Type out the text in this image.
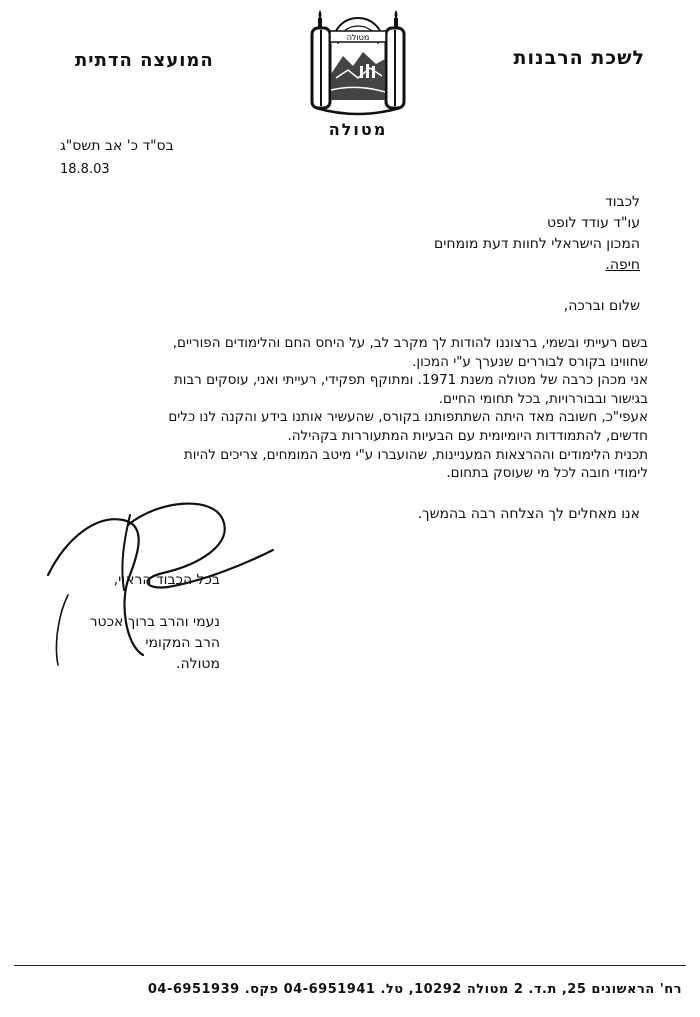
לשכת הרבנות
המועצה הדתית
מטולה
מטולה
בס"ד כ' אב תשס"ג
18.8.03
לכבוד
עו"ד עודד לופט
המכון הישראלי לחוות דעת מומחים
חיפה.
שלום וברכה,
בשם רעייתי ובשמי, ברצוננו להודות לך מקרב לב, על היחס החם והלימודים הפוריים,
שחווינו בקורס לבוררים שנערך ע"י המכון.
אני מכהן כרבה של מטולה משנת 1971. ומתוקף תפקידי, רעייתי ואני, עוסקים רבות
בגישור ובבוררויות, בכל תחומי החיים.
אעפי"כ, חשובה מאד היתה השתתפותנו בקורס, שהעשיר אותנו בידע והקנה לנו כלים
חדשים, להתמודדות היומיומית עם הבעיות המתעוררות בקהילה.
תכנית הלימודים וההרצאות המעניינות, שהועברו ע"י מיטב המומחים, צריכים להיות
לימודי חובה לכל מי שעוסק בתחום.
אנו מאחלים לך הצלחה רבה בהמשך.
בכל הכבוד הראוי,
נעמי והרב ברוך אכטר
הרב המקומי
מטולה.
רח' הראשונים 25, ת.ד. 2 מטולה 10292, טל. 04-6951941 פקס. 04-6951939
